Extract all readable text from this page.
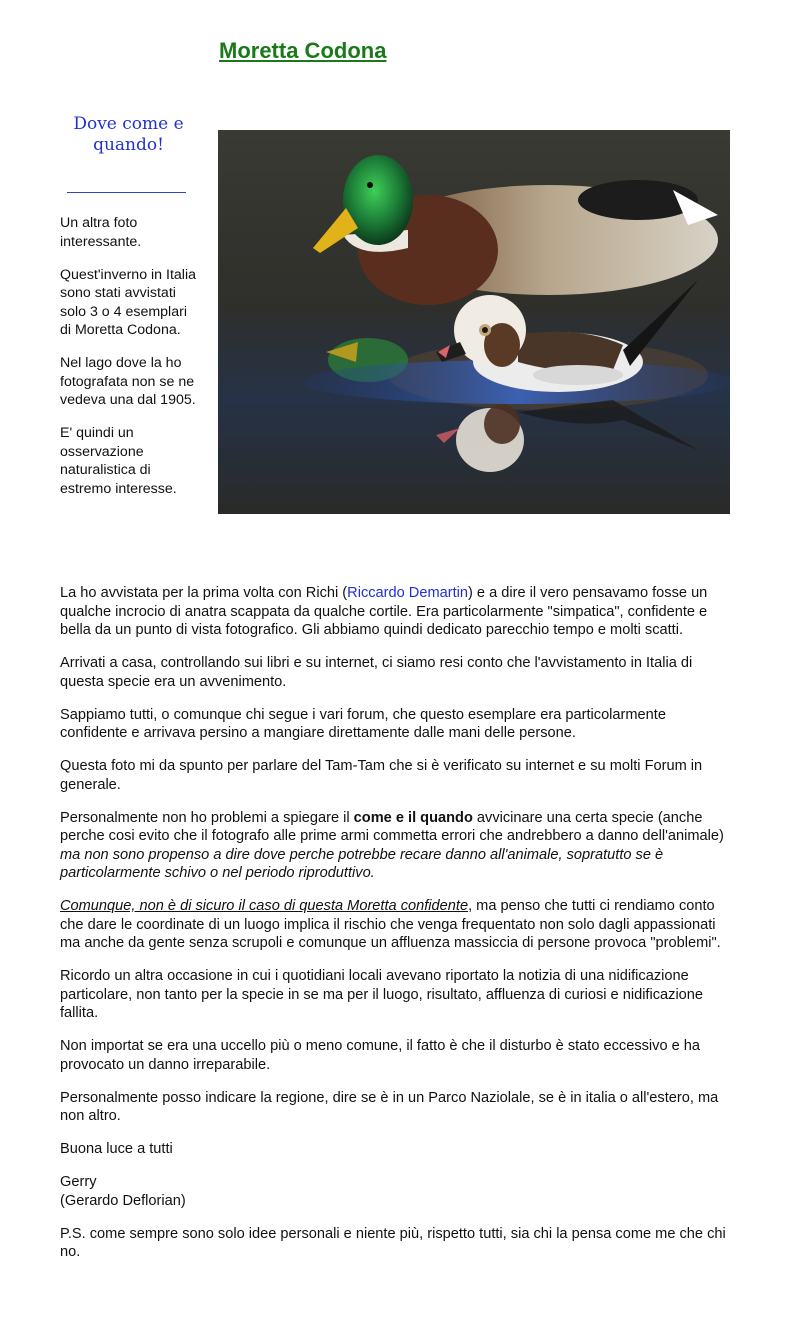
Moretta Codona
Dove come e quando!

Un altra foto interessante.

Quest'inverno in Italia sono stati avvistati solo 3 o 4 esemplari di Moretta Codona.

Nel lago dove la ho fotografata non se ne vedeva una dal 1905.

E' quindi un osservazione naturalistica di estremo interesse.

La ho avvistata per la prima volta con Richi (Riccardo Demartin) e a dire il vero pensavamo fosse un qualche incrocio di anatra scappata da qualche cortile. Era particolarmente "simpatica", confidente e bella da un punto di vista fotografico. Gli abbiamo quindi dedicato parecchio tempo e molti scatti.

Arrivati a casa, controllando sui libri e su internet, ci siamo resi conto che l'avvistamento in Italia di questa specie era un avvenimento.

Sappiamo tutti, o comunque chi segue i vari forum, che questo esemplare era particolarmente confidente e arrivava persino a mangiare direttamente dalle mani delle persone.

Questa foto mi da spunto per parlare del Tam-Tam che si è verificato su internet e su molti Forum in generale.

Personalmente non ho problemi a spiegare il come e il quando avvicinare una certa specie (anche perche cosi evito che il fotografo alle prime armi commetta errori che andrebbero a danno dell'animale) ma non sono propenso a dire dove perche potrebbe recare danno all'animale, sopratutto se è particolarmente schivo o nel periodo riproduttivo.

Comunque, non è di sicuro il caso di questa Moretta confidente, ma penso che tutti ci rendiamo conto che dare le coordinate di un luogo implica il rischio che venga frequentato non solo dagli appassionati ma anche da gente senza scrupoli e comunque un affluenza massiccia di persone provoca "problemi".

Ricordo un altra occasione in cui i quotidiani locali avevano riportato la notizia di una nidificazione particolare, non tanto per la specie in se ma per il luogo, risultato, affluenza di curiosi e nidificazione fallita.

Non importat se era una uccello più o meno comune, il fatto è che il disturbo è stato eccessivo e ha provocato un danno irreparabile.

Personalmente posso indicare la regione, dire se è in un Parco Naziolale, se è in italia o all'estero, ma non altro.

Buona luce a tutti

Gerry
(Gerardo Deflorian)

P.S. come sempre sono solo idee personali e niente più, rispetto tutti, sia chi la pensa come me che chi no.
